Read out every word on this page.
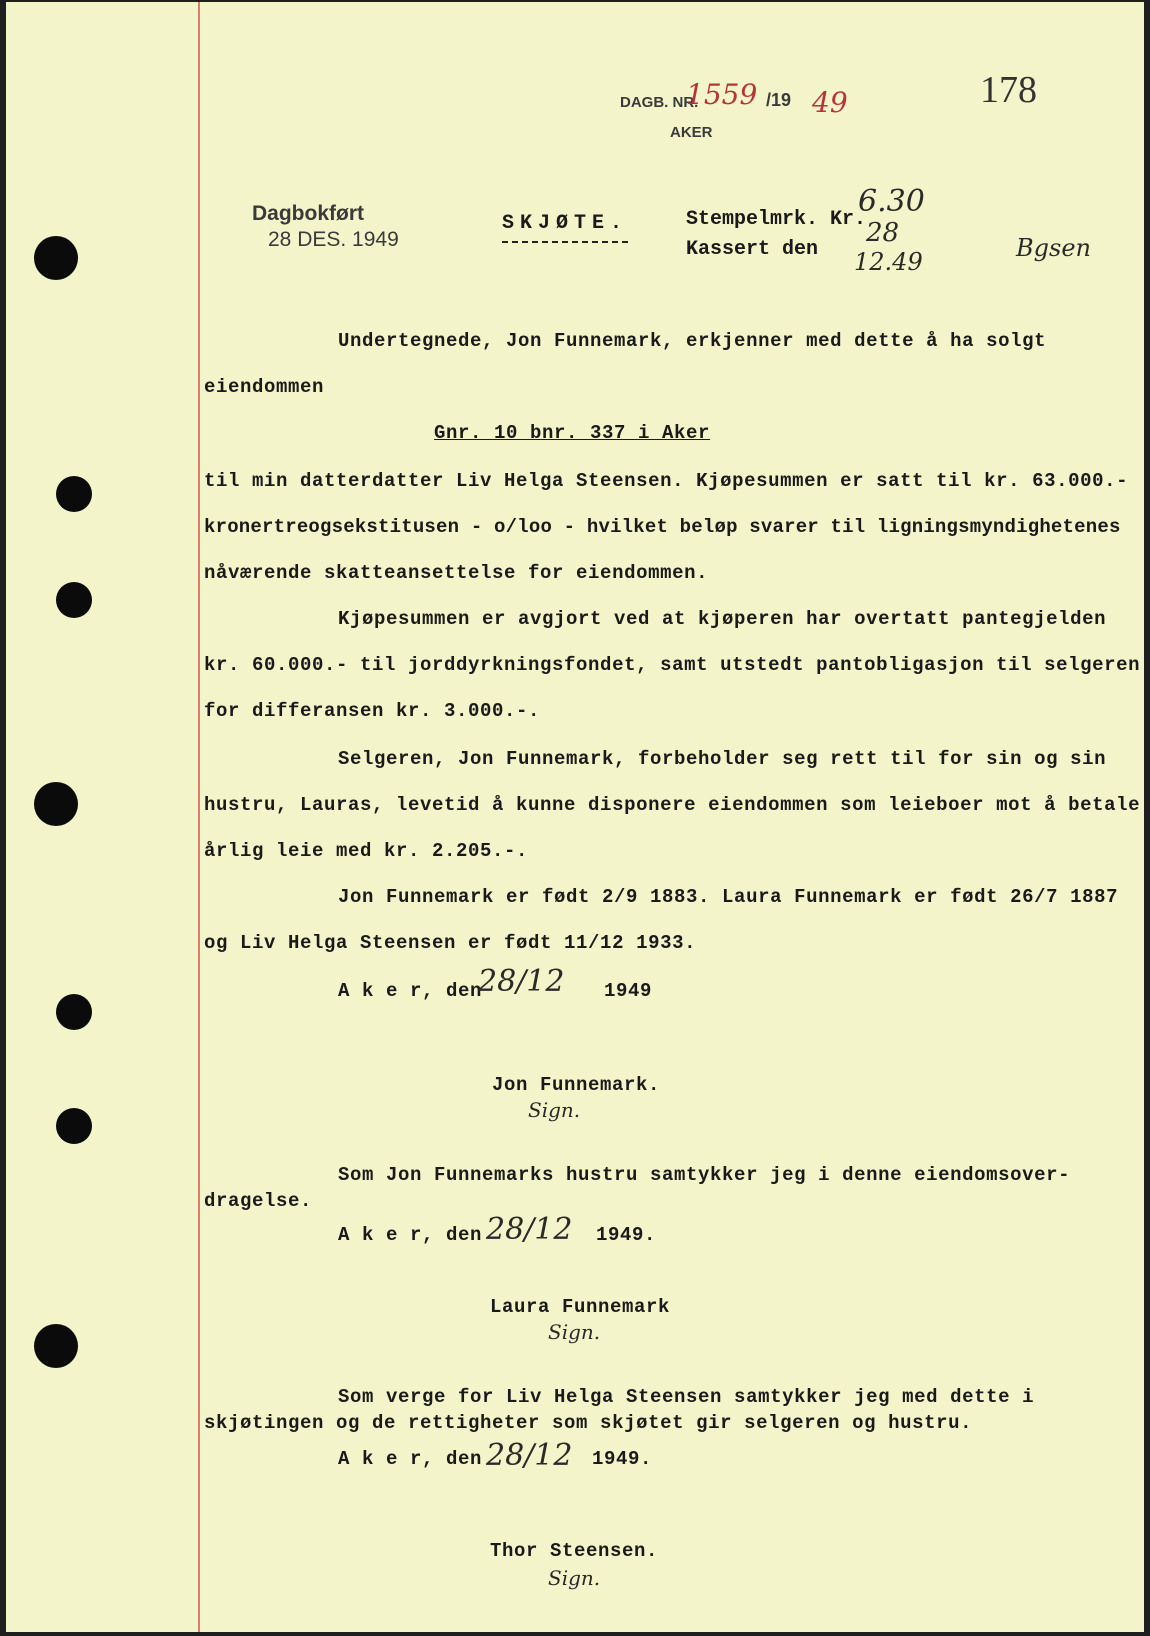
DAGB. NR.
1559 /19 49
AKER
178
Dagbokført
28 DES. 1949
SKJØTE.	Stempelmrk. Kr.
6.30
Kassert den
28
12.49	Bgsen
Undertegnede, Jon Funnemark, erkjenner med dette å ha solgt
eiendommen
Gnr. 10 bnr. 337 i Aker
til min datterdatter Liv Helga Steensen. Kjøpesummen er satt til kr. 63.000.-
kronertreogsekstitusen - o/loo - hvilket beløp svarer til ligningsmyndighetenes
nåværende skatteansettelse for eiendommen.
Kjøpesummen er avgjort ved at kjøperen har overtatt pantegjelden
kr. 60.000.- til jorddyrkningsfondet, samt utstedt pantobligasjon til selgeren
for differansen kr. 3.000.-.
Selgeren, Jon Funnemark, forbeholder seg rett til for sin og sin
hustru, Lauras, levetid å kunne disponere eiendommen som leieboer mot å betale
årlig leie med kr. 2.205.-.
Jon Funnemark er født 2/9 1883. Laura Funnemark er født 26/7 1887
og Liv Helga Steensen er født 11/12 1933.
A k e r, den
28/12 1949
Jon Funnemark.
Sign.
Som Jon Funnemarks hustru samtykker jeg i denne eiendomsover-
dragelse.
A k e r, den 28/12 1949.
Laura Funnemark
Sign.
Som verge for Liv Helga Steensen samtykker jeg med dette i
skjøtingen og de rettigheter som skjøtet gir selgeren og hustru.
A k e r, den 28/12 1949.
Thor Steensen.
Sign.
